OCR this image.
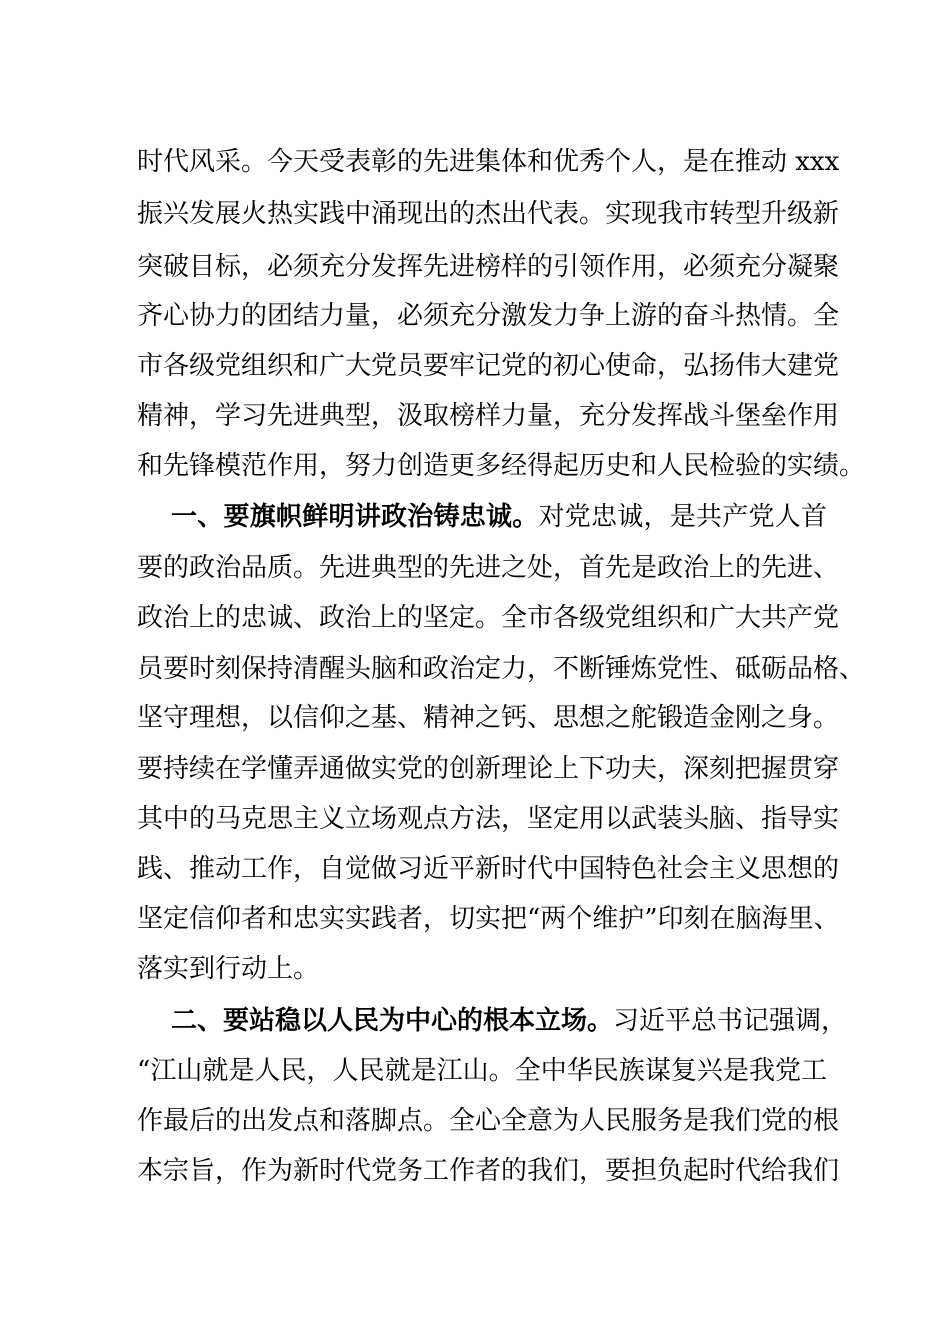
时代风采。今天受表彰的先进集体和优秀个人，是在推动 xxx
振兴发展火热实践中涌现出的杰出代表。实现我市转型升级新
突破目标，必须充分发挥先进榜样的引领作用，必须充分凝聚
齐心协力的团结力量，必须充分激发力争上游的奋斗热情。全
市各级党组织和广大党员要牢记党的初心使命，弘扬伟大建党
精神，学习先进典型，汲取榜样力量，充分发挥战斗堡垒作用
和先锋模范作用，努力创造更多经得起历史和人民检验的实绩。
一、要旗帜鲜明讲政治铸忠诚。对党忠诚，是共产党人首
要的政治品质。先进典型的先进之处，首先是政治上的先进、
政治上的忠诚、政治上的坚定。全市各级党组织和广大共产党
员要时刻保持清醒头脑和政治定力，不断锤炼党性、砥砺品格、
坚守理想，以信仰之基、精神之钙、思想之舵锻造金刚之身。
要持续在学懂弄通做实党的创新理论上下功夫，深刻把握贯穿
其中的马克思主义立场观点方法，坚定用以武装头脑、指导实
践、推动工作，自觉做习近平新时代中国特色社会主义思想的
坚定信仰者和忠实实践者，切实把“两个维护”印刻在脑海里、
落实到行动上。
二、要站稳以人民为中心的根本立场。习近平总书记强调，
“江山就是人民，人民就是江山。全中华民族谋复兴是我党工
作最后的出发点和落脚点。全心全意为人民服务是我们党的根
本宗旨，作为新时代党务工作者的我们，要担负起时代给我们
